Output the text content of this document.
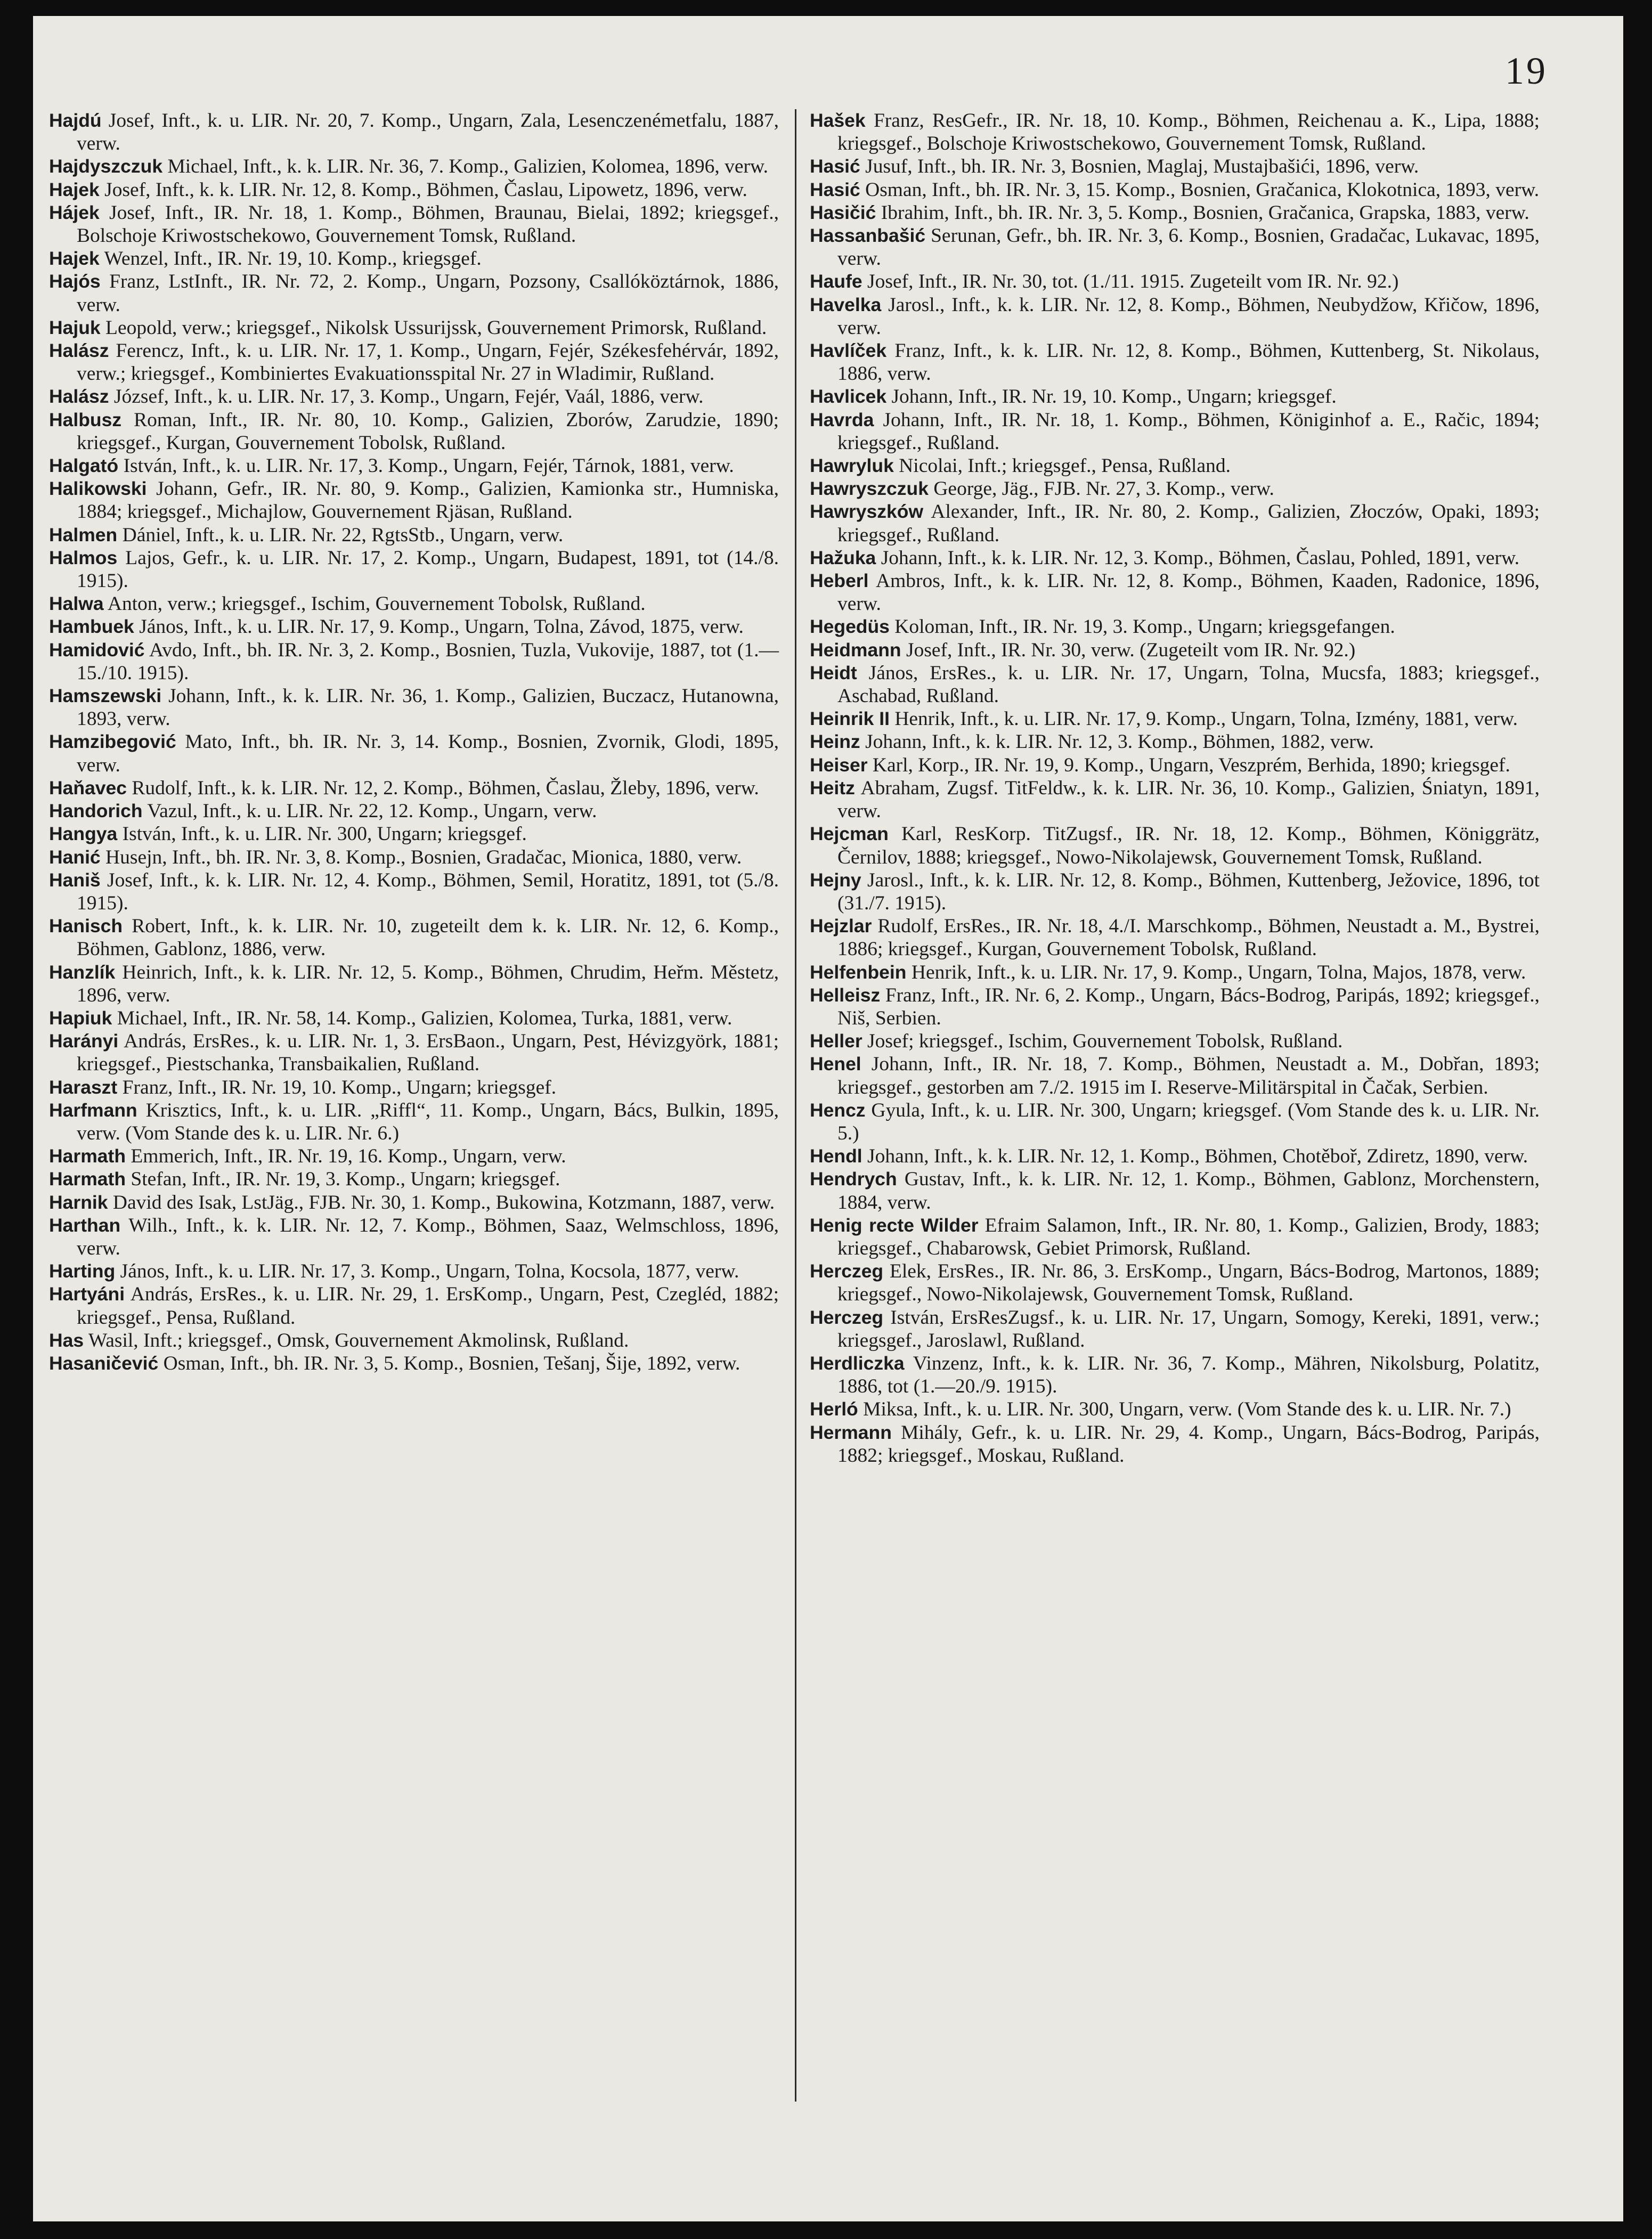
19

Hajdú Josef, Inft., k. u. LIR. Nr. 20, 7. Komp., Ungarn, Zala, Lesenczenémetfalu, 1887, verw.

Hajdyszczuk Michael, Inft., k. k. LIR. Nr. 36, 7. Komp., Galizien, Kolomea, 1896, verw.

Hajek Josef, Inft., k. k. LIR. Nr. 12, 8. Komp., Böhmen, Časlau, Lipowetz, 1896, verw.

Hájek Josef, Inft., IR. Nr. 18, 1. Komp., Böhmen, Braunau, Bielai, 1892; kriegsgef., Bolschoje Kriwostschekowo, Gouvernement Tomsk, Rußland.

Hajek Wenzel, Inft., IR. Nr. 19, 10. Komp., kriegsgef.

Hajós Franz, LstInft., IR. Nr. 72, 2. Komp., Ungarn, Pozsony, Csallóköztárnok, 1886, verw.

Hajuk Leopold, verw.; kriegsgef., Nikolsk Ussurijssk, Gouvernement Primorsk, Rußland.

Halász Ferencz, Inft., k. u. LIR. Nr. 17, 1. Komp., Ungarn, Fejér, Székesfehérvár, 1892, verw.; kriegsgef., Kombiniertes Evakuationsspital Nr. 27 in Wladimir, Rußland.

Halász József, Inft., k. u. LIR. Nr. 17, 3. Komp., Ungarn, Fejér, Vaál, 1886, verw.

Halbusz Roman, Inft., IR. Nr. 80, 10. Komp., Galizien, Zborów, Zarudzie, 1890; kriegsgef., Kurgan, Gouvernement Tobolsk, Rußland.

Halgató István, Inft., k. u. LIR. Nr. 17, 3. Komp., Ungarn, Fejér, Tárnok, 1881, verw.

Halikowski Johann, Gefr., IR. Nr. 80, 9. Komp., Galizien, Kamionka str., Humniska, 1884; kriegsgef., Michajlow, Gouvernement Rjäsan, Rußland.

Halmen Dániel, Inft., k. u. LIR. Nr. 22, RgtsStb., Ungarn, verw.

Halmos Lajos, Gefr., k. u. LIR. Nr. 17, 2. Komp., Ungarn, Budapest, 1891, tot (14./8. 1915).

Halwa Anton, verw.; kriegsgef., Ischim, Gouvernement Tobolsk, Rußland.

Hambuek János, Inft., k. u. LIR. Nr. 17, 9. Komp., Ungarn, Tolna, Závod, 1875, verw.

Hamidović Avdo, Inft., bh. IR. Nr. 3, 2. Komp., Bosnien, Tuzla, Vukovije, 1887, tot (1.—15./10. 1915).

Hamszewski Johann, Inft., k. k. LIR. Nr. 36, 1. Komp., Galizien, Buczacz, Hutanowna, 1893, verw.

Hamzibegović Mato, Inft., bh. IR. Nr. 3, 14. Komp., Bosnien, Zvornik, Glodi, 1895, verw.

Haňavec Rudolf, Inft., k. k. LIR. Nr. 12, 2. Komp., Böhmen, Časlau, Žleby, 1896, verw.

Handorich Vazul, Inft., k. u. LIR. Nr. 22, 12. Komp., Ungarn, verw.

Hangya István, Inft., k. u. LIR. Nr. 300, Ungarn; kriegsgef.

Hanić Husejn, Inft., bh. IR. Nr. 3, 8. Komp., Bosnien, Gradačac, Mionica, 1880, verw.

Haniš Josef, Inft., k. k. LIR. Nr. 12, 4. Komp., Böhmen, Semil, Horatitz, 1891, tot (5./8. 1915).

Hanisch Robert, Inft., k. k. LIR. Nr. 10, zugeteilt dem k. k. LIR. Nr. 12, 6. Komp., Böhmen, Gablonz, 1886, verw.

Hanzlík Heinrich, Inft., k. k. LIR. Nr. 12, 5. Komp., Böhmen, Chrudim, Heřm. Městetz, 1896, verw.

Hapiuk Michael, Inft., IR. Nr. 58, 14. Komp., Galizien, Kolomea, Turka, 1881, verw.

Harányi András, ErsRes., k. u. LIR. Nr. 1, 3. ErsBaon., Ungarn, Pest, Hévizgyörk, 1881; kriegsgef., Piestschanka, Transbaikalien, Rußland.

Haraszt Franz, Inft., IR. Nr. 19, 10. Komp., Ungarn; kriegsgef.

Harfmann Krisztics, Inft., k. u. LIR. „Riffl“, 11. Komp., Ungarn, Bács, Bulkin, 1895, verw. (Vom Stande des k. u. LIR. Nr. 6.)

Harmath Emmerich, Inft., IR. Nr. 19, 16. Komp., Ungarn, verw.

Harmath Stefan, Inft., IR. Nr. 19, 3. Komp., Ungarn; kriegsgef.

Harnik David des Isak, LstJäg., FJB. Nr. 30, 1. Komp., Bukowina, Kotzmann, 1887, verw.

Harthan Wilh., Inft., k. k. LIR. Nr. 12, 7. Komp., Böhmen, Saaz, Welmschloss, 1896, verw.

Harting János, Inft., k. u. LIR. Nr. 17, 3. Komp., Ungarn, Tolna, Kocsola, 1877, verw.

Hartyáni András, ErsRes., k. u. LIR. Nr. 29, 1. ErsKomp., Ungarn, Pest, Czegléd, 1882; kriegsgef., Pensa, Rußland.

Has Wasil, Inft.; kriegsgef., Omsk, Gouvernement Akmolinsk, Rußland.

Hasaničević Osman, Inft., bh. IR. Nr. 3, 5. Komp., Bosnien, Tešanj, Šije, 1892, verw.

Hašek Franz, ResGefr., IR. Nr. 18, 10. Komp., Böhmen, Reichenau a. K., Lipa, 1888; kriegsgef., Bolschoje Kriwostschekowo, Gouvernement Tomsk, Rußland.

Hasić Jusuf, Inft., bh. IR. Nr. 3, Bosnien, Maglaj, Mustajbašići, 1896, verw.

Hasić Osman, Inft., bh. IR. Nr. 3, 15. Komp., Bosnien, Gračanica, Klokotnica, 1893, verw.

Hasičić Ibrahim, Inft., bh. IR. Nr. 3, 5. Komp., Bosnien, Gračanica, Grapska, 1883, verw.

Hassanbašić Serunan, Gefr., bh. IR. Nr. 3, 6. Komp., Bosnien, Gradačac, Lukavac, 1895, verw.

Haufe Josef, Inft., IR. Nr. 30, tot. (1./11. 1915. Zugeteilt vom IR. Nr. 92.)

Havelka Jarosl., Inft., k. k. LIR. Nr. 12, 8. Komp., Böhmen, Neubydžow, Křičow, 1896, verw.

Havlíček Franz, Inft., k. k. LIR. Nr. 12, 8. Komp., Böhmen, Kuttenberg, St. Nikolaus, 1886, verw.

Havlicek Johann, Inft., IR. Nr. 19, 10. Komp., Ungarn; kriegsgef.

Havrda Johann, Inft., IR. Nr. 18, 1. Komp., Böhmen, Königinhof a. E., Račic, 1894; kriegsgef., Rußland.

Hawryluk Nicolai, Inft.; kriegsgef., Pensa, Rußland.

Hawryszczuk George, Jäg., FJB. Nr. 27, 3. Komp., verw.

Hawryszków Alexander, Inft., IR. Nr. 80, 2. Komp., Galizien, Złoczów, Opaki, 1893; kriegsgef., Rußland.

Hažuka Johann, Inft., k. k. LIR. Nr. 12, 3. Komp., Böhmen, Časlau, Pohled, 1891, verw.

Heberl Ambros, Inft., k. k. LIR. Nr. 12, 8. Komp., Böhmen, Kaaden, Radonice, 1896, verw.

Hegedüs Koloman, Inft., IR. Nr. 19, 3. Komp., Ungarn; kriegsgefangen.

Heidmann Josef, Inft., IR. Nr. 30, verw. (Zugeteilt vom IR. Nr. 92.)

Heidt János, ErsRes., k. u. LIR. Nr. 17, Ungarn, Tolna, Mucsfa, 1883; kriegsgef., Aschabad, Rußland.

Heinrik II Henrik, Inft., k. u. LIR. Nr. 17, 9. Komp., Ungarn, Tolna, Izmény, 1881, verw.

Heinz Johann, Inft., k. k. LIR. Nr. 12, 3. Komp., Böhmen, 1882, verw.

Heiser Karl, Korp., IR. Nr. 19, 9. Komp., Ungarn, Veszprém, Berhida, 1890; kriegsgef.

Heitz Abraham, Zugsf. TitFeldw., k. k. LIR. Nr. 36, 10. Komp., Galizien, Śniatyn, 1891, verw.

Hejcman Karl, ResKorp. TitZugsf., IR. Nr. 18, 12. Komp., Böhmen, Königgrätz, Černilov, 1888; kriegsgef., Nowo-Nikolajewsk, Gouvernement Tomsk, Rußland.

Hejny Jarosl., Inft., k. k. LIR. Nr. 12, 8. Komp., Böhmen, Kuttenberg, Ježovice, 1896, tot (31./7. 1915).

Hejzlar Rudolf, ErsRes., IR. Nr. 18, 4./I. Marschkomp., Böhmen, Neustadt a. M., Bystrei, 1886; kriegsgef., Kurgan, Gouvernement Tobolsk, Rußland.

Helfenbein Henrik, Inft., k. u. LIR. Nr. 17, 9. Komp., Ungarn, Tolna, Majos, 1878, verw.

Helleisz Franz, Inft., IR. Nr. 6, 2. Komp., Ungarn, Bács-Bodrog, Paripás, 1892; kriegsgef., Niš, Serbien.

Heller Josef; kriegsgef., Ischim, Gouvernement Tobolsk, Rußland.

Henel Johann, Inft., IR. Nr. 18, 7. Komp., Böhmen, Neustadt a. M., Dobřan, 1893; kriegsgef., gestorben am 7./2. 1915 im I. Reserve-Militärspital in Čačak, Serbien.

Hencz Gyula, Inft., k. u. LIR. Nr. 300, Ungarn; kriegsgef. (Vom Stande des k. u. LIR. Nr. 5.)

Hendl Johann, Inft., k. k. LIR. Nr. 12, 1. Komp., Böhmen, Chotěboř, Zdiretz, 1890, verw.

Hendrych Gustav, Inft., k. k. LIR. Nr. 12, 1. Komp., Böhmen, Gablonz, Morchenstern, 1884, verw.

Henig recte Wilder Efraim Salamon, Inft., IR. Nr. 80, 1. Komp., Galizien, Brody, 1883; kriegsgef., Chabarowsk, Gebiet Primorsk, Rußland.

Herczeg Elek, ErsRes., IR. Nr. 86, 3. ErsKomp., Ungarn, Bács-Bodrog, Martonos, 1889; kriegsgef., Nowo-Nikolajewsk, Gouvernement Tomsk, Rußland.

Herczeg István, ErsResZugsf., k. u. LIR. Nr. 17, Ungarn, Somogy, Kereki, 1891, verw.; kriegsgef., Jaroslawl, Rußland.

Herdliczka Vinzenz, Inft., k. k. LIR. Nr. 36, 7. Komp., Mähren, Nikolsburg, Polatitz, 1886, tot (1.—20./9. 1915).

Herló Miksa, Inft., k. u. LIR. Nr. 300, Ungarn, verw. (Vom Stande des k. u. LIR. Nr. 7.)

Hermann Mihály, Gefr., k. u. LIR. Nr. 29, 4. Komp., Ungarn, Bács-Bodrog, Paripás, 1882; kriegsgef., Moskau, Rußland.
